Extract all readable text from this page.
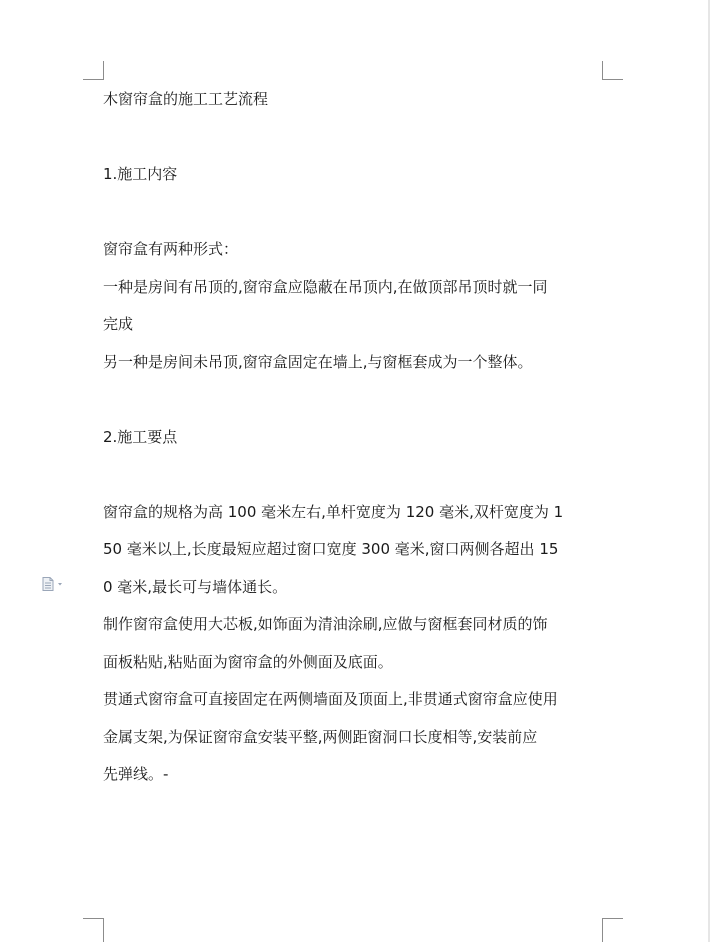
木窗帘盒的施工工艺流程
1.施工内容
窗帘盒有两种形式：
一种是房间有吊顶的,窗帘盒应隐蔽在吊顶内,在做顶部吊顶时就一同
完成
另一种是房间未吊顶,窗帘盒固定在墙上,与窗框套成为一个整体。
2.施工要点
窗帘盒的规格为高 100 毫米左右,单杆宽度为 120 毫米,双杆宽度为 1
50 毫米以上,长度最短应超过窗口宽度 300 毫米,窗口两侧各超出 15
0 毫米,最长可与墙体通长。
制作窗帘盒使用大芯板,如饰面为清油涂刷,应做与窗框套同材质的饰
面板粘贴,粘贴面为窗帘盒的外侧面及底面。
贯通式窗帘盒可直接固定在两侧墙面及顶面上,非贯通式窗帘盒应使用
金属支架,为保证窗帘盒安装平整,两侧距窗洞口长度相等,安装前应
先弹线。-
